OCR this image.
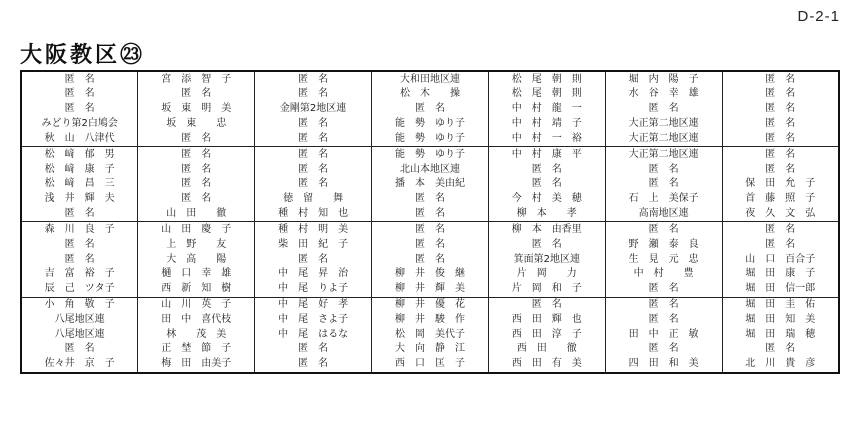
D-2-1
大阪教区㉓
匿　名	宮　添　智　子	匿　名	大和田地区連	松　尾　朝　則	堀　内　陽　子	匿　名
匿　名	匿　名	匿　名	松　木　　操	松　尾　朝　則	水　谷　幸　雄	匿　名
匿　名	坂　東　明　美	金剛第2地区連	匿　名	中　村　龍　一	匿　名	匿　名
みどり第2白鳩会	坂　東　　忠	匿　名	能　勢　ゆり子	中　村　靖　子	大正第二地区連	匿　名
秋　山　八津代	匿　名	匿　名	能　勢　ゆり子	中　村　一　裕	大正第二地区連	匿　名
松　﨑　郁　男	匿　名	匿　名	能　勢　ゆり子	中　村　康　平	大正第二地区連	匿　名
松　﨑　康　子	匿　名	匿　名	北山本地区連	匿　名	匿　名	匿　名
松　﨑　昌　三	匿　名	匿　名	播　本　美由紀	匿　名	匿　名	保　田　允　子
浅　井　輝　夫	匿　名	徳　留　　舞	匿　名	今　村　美　穂	石　上　美保子	首　藤　照　子
匿　名	山　田　　徹	種　村　知　也	匿　名	柳　本　　孝	高南地区連	夜　久　文　弘
森　川　良　子	山　田　慶　子	種　村　明　美	匿　名	柳　本　由香里	匿　名	匿　名
匿　名	上　野　　友	柴　田　紀　子	匿　名	匿　名	野　瀬　泰　良	匿　名
匿　名	大　高　　陽	匿　名	匿　名	箕面第2地区連	生　見　元　忠	山　口　百合子
吉　富　裕　子	樋　口　幸　雄	中　尾　昇　治	柳　井　俊　継	片　岡　　力	中　村　　豊	堀　田　康　子
辰　己　ツタ子	西　新　知　樹	中　尾　りよ子	柳　井　輝　美	片　岡　和　子	匿　名	堀　田　信一郎
小　角　敬　子	山　川　英　子	中　尾　好　孝	柳　井　優　花	匿　名	匿　名	堀　田　圭　佑
八尾地区連	田　中　喜代枝	中　尾　さよ子	柳　井　駿　作	西　田　輝　也	匿　名	堀　田　知　美
八尾地区連	林　　茂　美	中　尾　はるな	松　岡　美代子	西　田　淳　子	田　中　正　敏	堀　田　瑞　穂
匿　名	正　埜　節　子	匿　名	大　向　静　江	西　田　　徹	匿　名	匿　名
佐々井　京　子	梅　田　由美子	匿　名	西　口　匡　子	西　田　有　美	四　田　和　美	北　川　貴　彦
